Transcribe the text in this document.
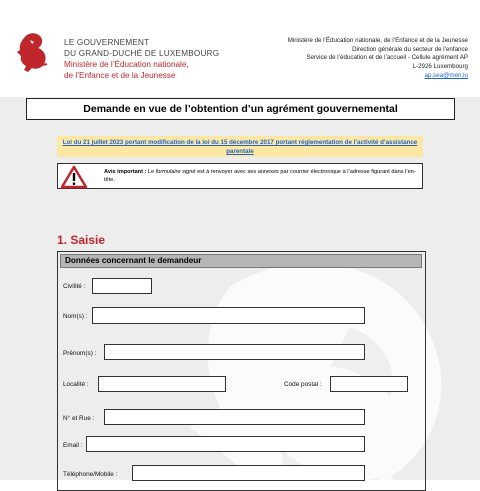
LE GOUVERNEMENT
DU GRAND-DUCHÉ DE LUXEMBOURG
Ministère de l’Éducation nationale,
de l’Enfance et de la Jeunesse
Ministère de l’Éducation nationale, de l’Enfance et de la Jeunesse
Direction générale du secteur de l’enfance
Service de l’éducation et de l’accueil - Cellule agrément AP
L-2926 Luxembourg
ap.sea@men.lu
Demande en vue de l’obtention d’un agrément gouvernemental
Loi du 21 juillet 2023 portant modification de la loi du 15 décembre 2017 portant réglementation de l’activité d’assistance parentale
Avis important : Le formulaire signé est à renvoyer avec ses annexes par courrier électronique à l’adresse figurant dans l’en-tête.
1. Saisie
Données concernant le demandeur
Civilité :
Nom(s) :
Prénom(s) :
Localité :	Code postal :
N° et Rue :
Email :
Téléphone/Mobile :
